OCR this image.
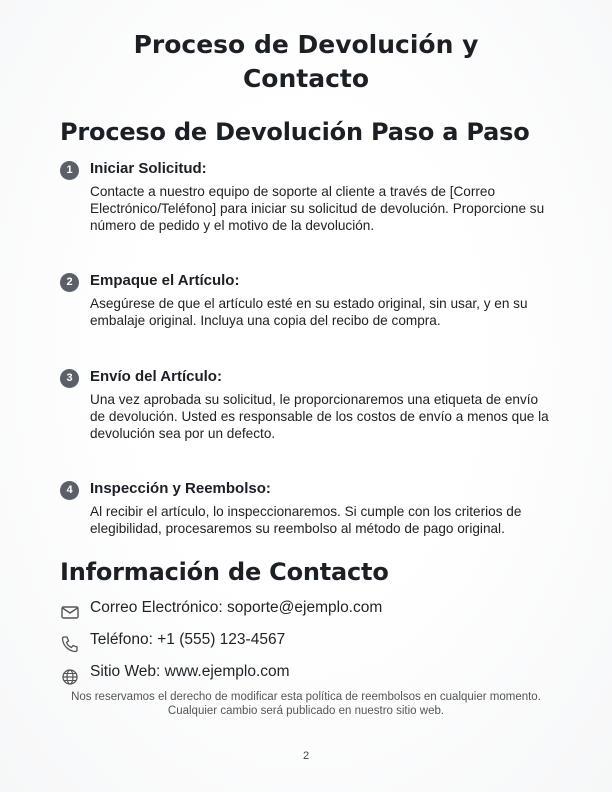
Proceso de Devolución y Contacto
Proceso de Devolución Paso a Paso
1	Iniciar Solicitud:
Contacte a nuestro equipo de soporte al cliente a través de [Correo Electrónico/Teléfono] para iniciar su solicitud de devolución. Proporcione su número de pedido y el motivo de la devolución.
2	Empaque el Artículo:
Asegúrese de que el artículo esté en su estado original, sin usar, y en su embalaje original. Incluya una copia del recibo de compra.
3	Envío del Artículo:
Una vez aprobada su solicitud, le proporcionaremos una etiqueta de envío de devolución. Usted es responsable de los costos de envío a menos que la devolución sea por un defecto.
4	Inspección y Reembolso:
Al recibir el artículo, lo inspeccionaremos. Si cumple con los criterios de elegibilidad, procesaremos su reembolso al método de pago original.
Información de Contacto
Correo Electrónico: soporte@ejemplo.com
Teléfono: +1 (555) 123-4567
Sitio Web: www.ejemplo.com
Nos reservamos el derecho de modificar esta política de reembolsos en cualquier momento. Cualquier cambio será publicado en nuestro sitio web.
2
